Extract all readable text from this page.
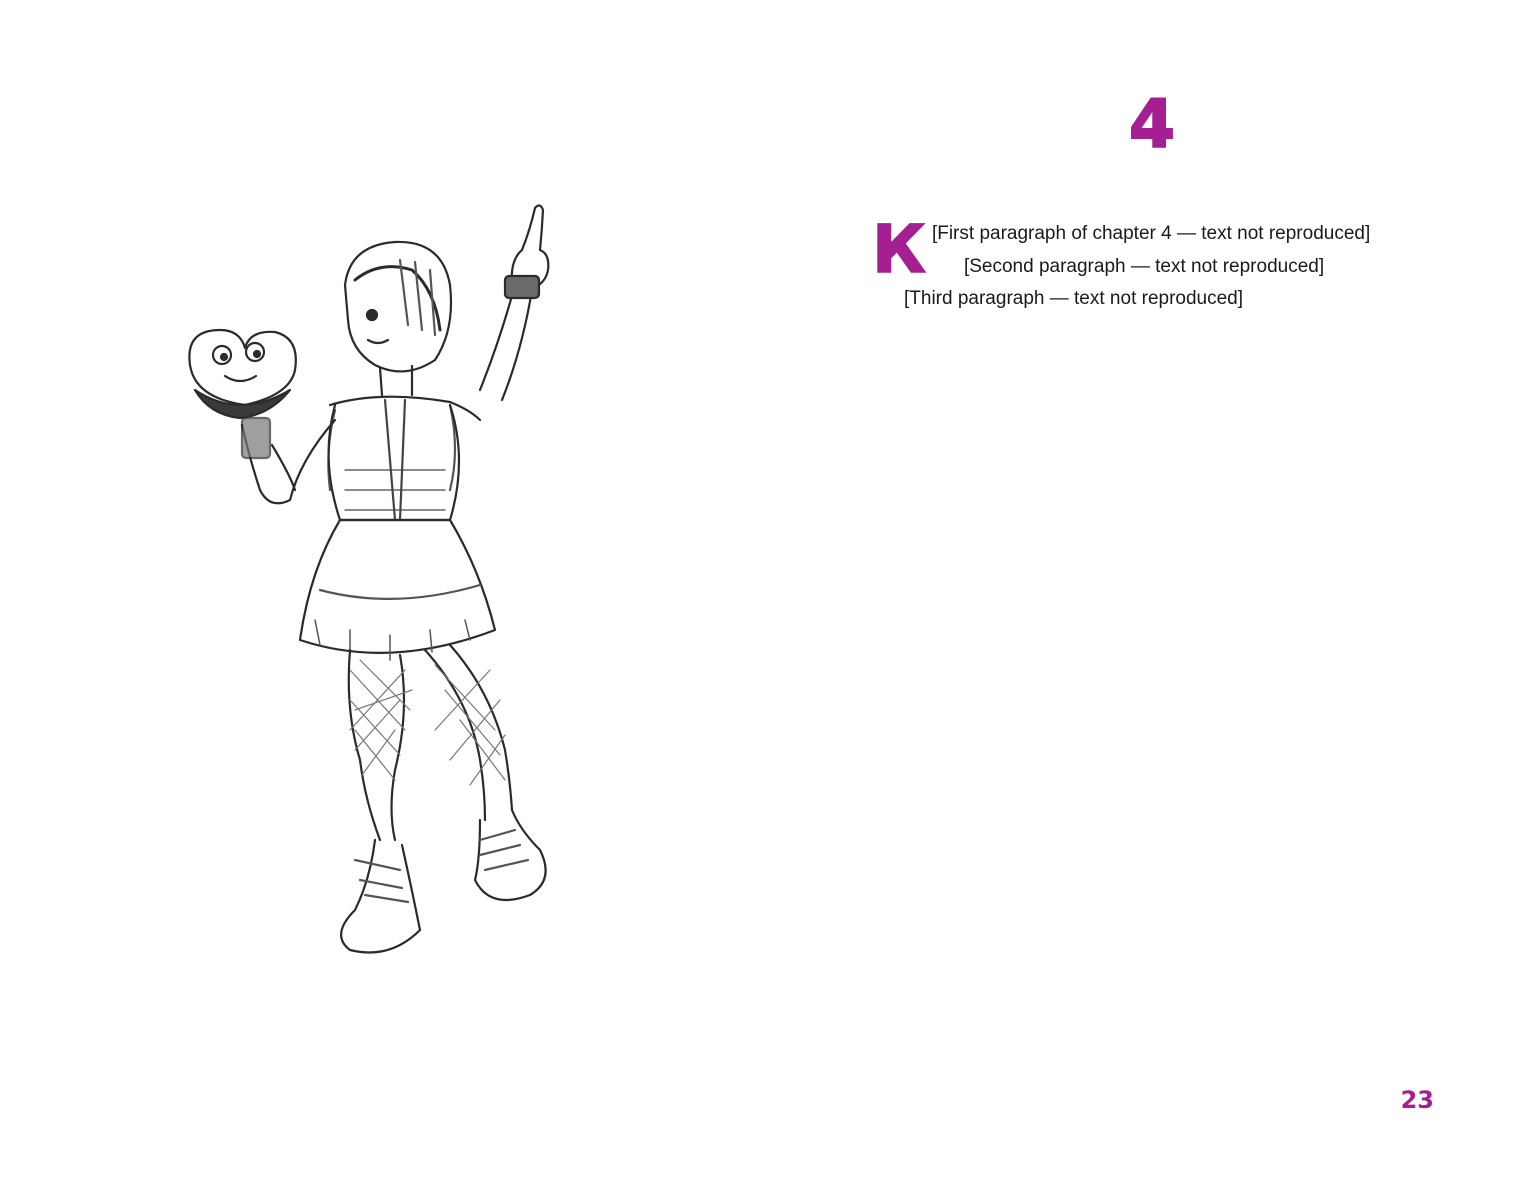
4

К [First paragraph of chapter 4 — text not reproduced]

[Second paragraph — text not reproduced]

[Third paragraph — text not reproduced]

23
